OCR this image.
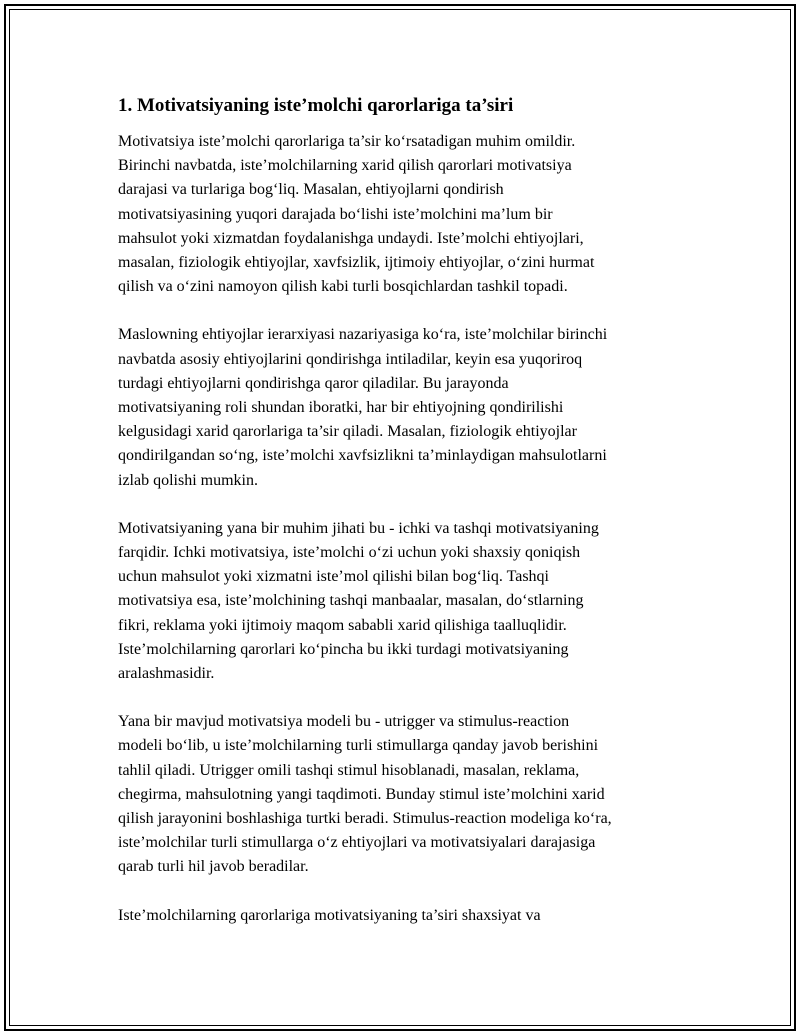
1. Motivatsiyaning iste’molchi qarorlariga ta’siri

Motivatsiya iste’molchi qarorlariga ta’sir koʻrsatadigan muhim omildir.
Birinchi navbatda, iste’molchilarning xarid qilish qarorlari motivatsiya
darajasi va turlariga bogʻliq. Masalan, ehtiyojlarni qondirish
motivatsiyasining yuqori darajada boʻlishi iste’molchini ma’lum bir
mahsulot yoki xizmatdan foydalanishga undaydi. Iste’molchi ehtiyojlari,
masalan, fiziologik ehtiyojlar, xavfsizlik, ijtimoiy ehtiyojlar, oʻzini hurmat
qilish va oʻzini namoyon qilish kabi turli bosqichlardan tashkil topadi.

Maslowning ehtiyojlar ierarxiyasi nazariyasiga koʻra, iste’molchilar birinchi
navbatda asosiy ehtiyojlarini qondirishga intiladilar, keyin esa yuqoriroq
turdagi ehtiyojlarni qondirishga qaror qiladilar. Bu jarayonda
motivatsiyaning roli shundan iboratki, har bir ehtiyojning qondirilishi
kelgusidagi xarid qarorlariga ta’sir qiladi. Masalan, fiziologik ehtiyojlar
qondirilgandan soʻng, iste’molchi xavfsizlikni ta’minlaydigan mahsulotlarni
izlab qolishi mumkin.

Motivatsiyaning yana bir muhim jihati bu - ichki va tashqi motivatsiyaning
farqidir. Ichki motivatsiya, iste’molchi oʻzi uchun yoki shaxsiy qoniqish
uchun mahsulot yoki xizmatni iste’mol qilishi bilan bogʻliq. Tashqi
motivatsiya esa, iste’molchining tashqi manbaalar, masalan, doʻstlarning
fikri, reklama yoki ijtimoiy maqom sababli xarid qilishiga taalluqlidir.
Iste’molchilarning qarorlari koʻpincha bu ikki turdagi motivatsiyaning
aralashmasidir.

Yana bir mavjud motivatsiya modeli bu - utrigger va stimulus-reaction
modeli boʻlib, u iste’molchilarning turli stimullarga qanday javob berishini
tahlil qiladi. Utrigger omili tashqi stimul hisoblanadi, masalan, reklama,
chegirma, mahsulotning yangi taqdimoti. Bunday stimul iste’molchini xarid
qilish jarayonini boshlashiga turtki beradi. Stimulus-reaction modeliga koʻra,
iste’molchilar turli stimullarga oʻz ehtiyojlari va motivatsiyalari darajasiga
qarab turli hil javob beradilar.

Iste’molchilarning qarorlariga motivatsiyaning ta’siri shaxsiyat va
